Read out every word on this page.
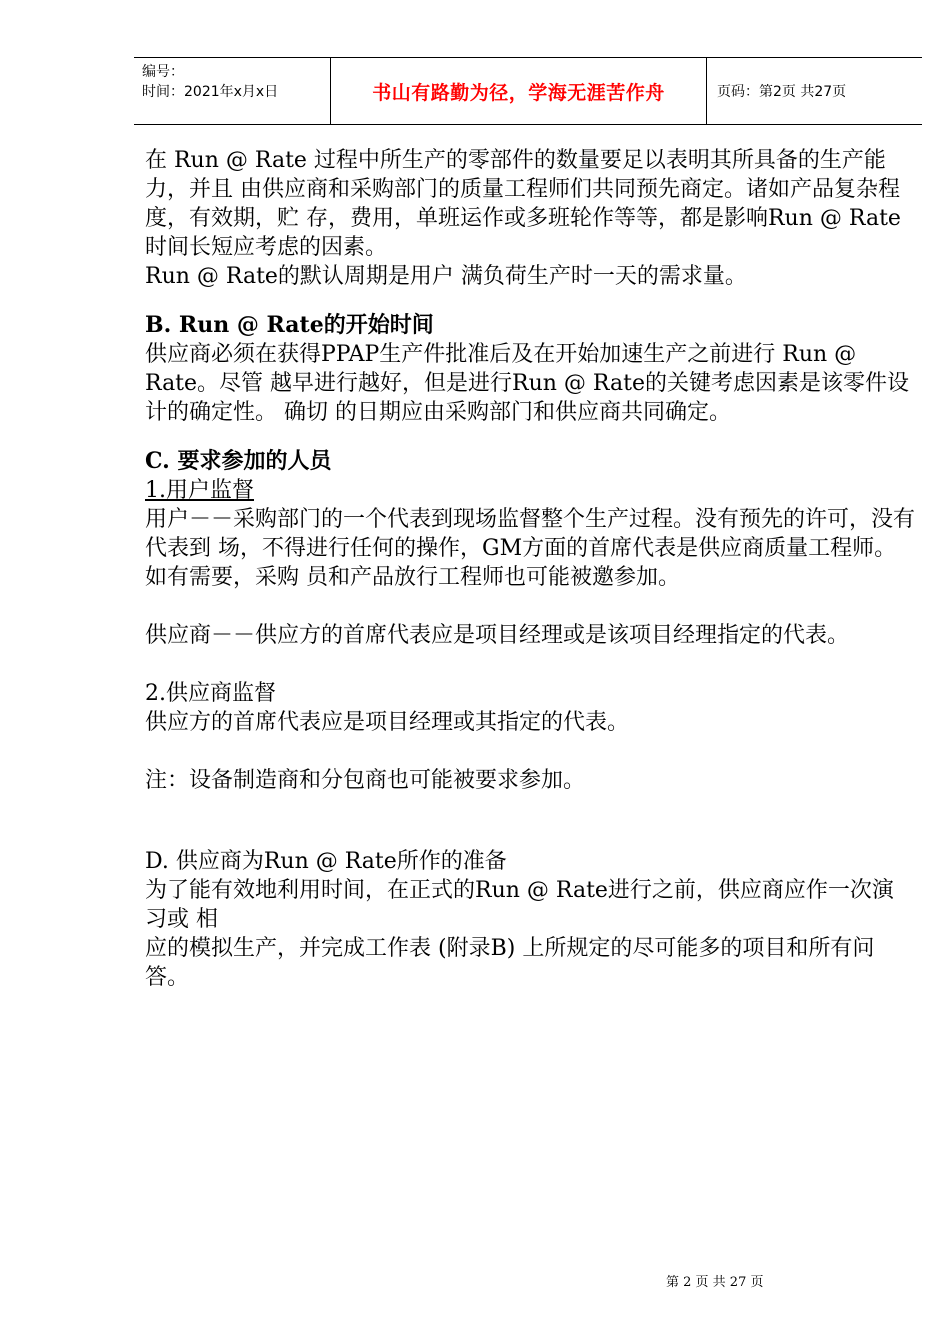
编号：
时间：2021年x月x日	书山有路勤为径，学海无涯苦作舟	页码：第2页 共27页

在 Run @ Rate 过程中所生产的零部件的数量要足以表明其所具备的生产能力，并且 由供应商和采购部门的质量工程师们共同预先商定。诸如产品复杂程度，有效期，贮 存，费用，单班运作或多班轮作等等，都是影响Run @ Rate时间长短应考虑的因素。

Run @ Rate的默认周期是用户 满负荷生产时一天的需求量。

B. Run @ Rate的开始时间

供应商必须在获得PPAP生产件批准后及在开始加速生产之前进行 Run @ Rate。尽管 越早进行越好，但是进行Run @ Rate的关键考虑因素是该零件设计的确定性。 确切 的日期应由采购部门和供应商共同确定。

C. 要求参加的人员

1.用户监督

用户－－采购部门的一个代表到现场监督整个生产过程。没有预先的许可，没有代表到 场，不得进行任何的操作，GM方面的首席代表是供应商质量工程师。如有需要，采购 员和产品放行工程师也可能被邀参加。

供应商－－供应方的首席代表应是项目经理或是该项目经理指定的代表。

2.供应商监督

供应方的首席代表应是项目经理或其指定的代表。

注：设备制造商和分包商也可能被要求参加。

D. 供应商为Run @ Rate所作的准备

为了能有效地利用时间，在正式的Run @ Rate进行之前，供应商应作一次演习或 相

应的模拟生产，并完成工作表 (附录B) 上所规定的尽可能多的项目和所有问答。

第 2 页 共 27 页
